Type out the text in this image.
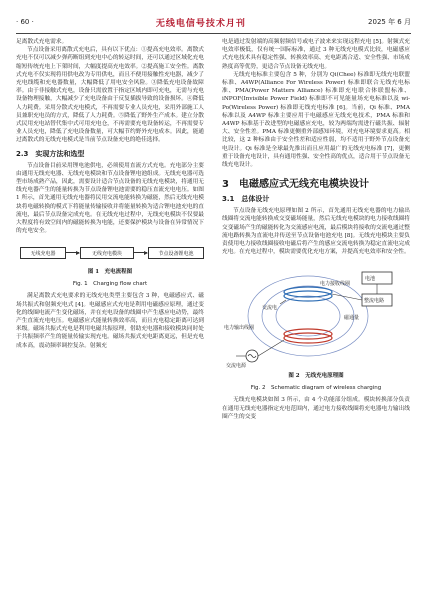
· 60 ·	无线电信号技术月刊	2025 年 6 月

足离散式充电需求。

节点设备采用离散式充电后，具有以下优点：①提高充电效率。离散式充电不仅可以减少弹药断组到充电中心的转运时间，还可以通过区域化充电缩短传统充电上下架时间，大幅度提高充电效率。②提高施工安全性。离散式充电不仅实现将用供电改为专用供电，而且不便用接触性充电器，减少了充电线缆和充电器数量，大幅降低了用电安全风险。③降低充电设备故障率。由于非接触式充电，设备只需放置于指定区域内即可充电，无需与充电设备物理接触，大幅减少了充电设备由于反复插拔导致的设备损坏。④降低人力耗费。采用分散式充电模式，不再需要专业人员充电，采用外部施工人员兼职充电员的方式，降低了人力耗费。⑤降低了野外生产成本。建立分散式民用充电站替代集中式可用充电仓，不再需要充电设备转运，不再需要专业人员充电，降低了充电设备数量，可大幅节约野外充电成本。因此，能通过离散式的无线充电模式是当前节点设备充电的绝佳选择。

2.3　实现方法和选型

节点设备目前采用锂电池供电，必须使用直流方式充电。充电部分主要由通用无线充电器、无线充电模块和节点设备锂电池组成。无线充电器可选型市场成熟产品，因此，需要设计适合节点设备的无线充电模块，将通用无线充电器产生的能量转换为节点设备锂电池需要的稳压直流充电电压。如图 1 所示，首先通用无线充电器将民用交流电能转换为磁能，然后无线充电模块将电磁转换的模式下将能量传输接收并将能量转换为适合锂电池充电的直流电，最后节点设备完成充电。在无线充电过程中，无线充电模块不仅要最大程度将有效空间内的磁能转换为电能，还要保护模块与设备在异常情况下的充电安全。

无线充电器	无线充电模块	节点设备锂电池
图 1　充电流程图
Fig. 1　Charging flow chart

满足离散式充电要求的无线充电类型主要包含 3 种，电磁感应式、磁场共振式和射频充电式 [4]。电磁感应式充电是利用电磁感应原理，通过变化的线圈电流产生变化磁场，并在充电设备的线圈中产生感应电动势，最终产生直流充电电压。电磁感应式能量转换效率高，而且充电稳定距离可达到米级。磁场共振式充电是利用电磁共振原理，借助充电器和接收模块同时处于共振频率产生的能量传输实现充电。磁场共振式充电距离更远，但是充电成本高，震动频率调控复杂。射频充

电是通过发射端的高频射频信号或电子波来来实现远程充电 [5]。射频式充电效率极低，仅有统一国际标准，通过 3 种无线充电模式比较，电磁感应式充电技术具有稳定性强、转换效率高、充电距离合适、安全性强、市场成熟度高等优势，更适合节点设备无线充电。

无线充电标准主要包含 5 种，分别为 Qi(Chee) 标准即无线充电联盟标准、A4WP(Alliance For Wireless Power) 标准即联合无线充电标准、PMA(Power Matters Alliance) 标准即充电联合体联盟标准、iNPOF(Invisible Power Field) 标准即不可见能量场充电标准以及 wi-Po(Wireless Power) 标准即无线充电标准 [6]。当前，Qi 标准、PMA 标准以及 A4WP 标准主要应用于电磁感应无线充电技术，PMA 标准和 A4WP 标准基于改进型的电磁感应充电，较为两端均需进行磁共振、辐射大、安全性差。PMA 标准更侧重外部感知环境，对充电环境要求更高。相比较，这 2 种标准由于安全性差和适应性弱，均不适用于野外节点设备充电设计。Qi 标准是全球最先推出而且应用最广的无线充电标准 [7]，更侧重于设备充电设计，具有通用性强、安全性高的优点，适合用于节点设备无线充电设计。

3　电磁感应式无线充电模块设计
3.1　总体设计

节点设备无线充电原理如图 2 所示，首先通用无线充电器的电力输出线圈将交流电能转换成交变磁场能量，然后无线充电模块的电力接收线圈将交变磁场产生的磁能转化为交流感应电流，最后模块将接收的交流电通过整流电路转换为直流电并传送至节点设备电池充电 [8]。无线充电模块主要负责使用电力接收线圈接收电磁后将产生的感应交流电转换为稳定直流电完成充电。在充电过程中，模块需要优化充电方案，并提高充电效率和安全性。

电池
整流电路
电力接收线圈
交流电
磁通量
电力输出线圈
交流电源
图 2　无线充电原理图
Fig. 2　Schematic diagram of wireless charging

无线充电模块如图 3 所示，由 4 个功能部分组成。模块转换部分负责在通用无线充电器指定充电范围内，通过电力接收线圈将充电器电力输出线圈产生的交变
